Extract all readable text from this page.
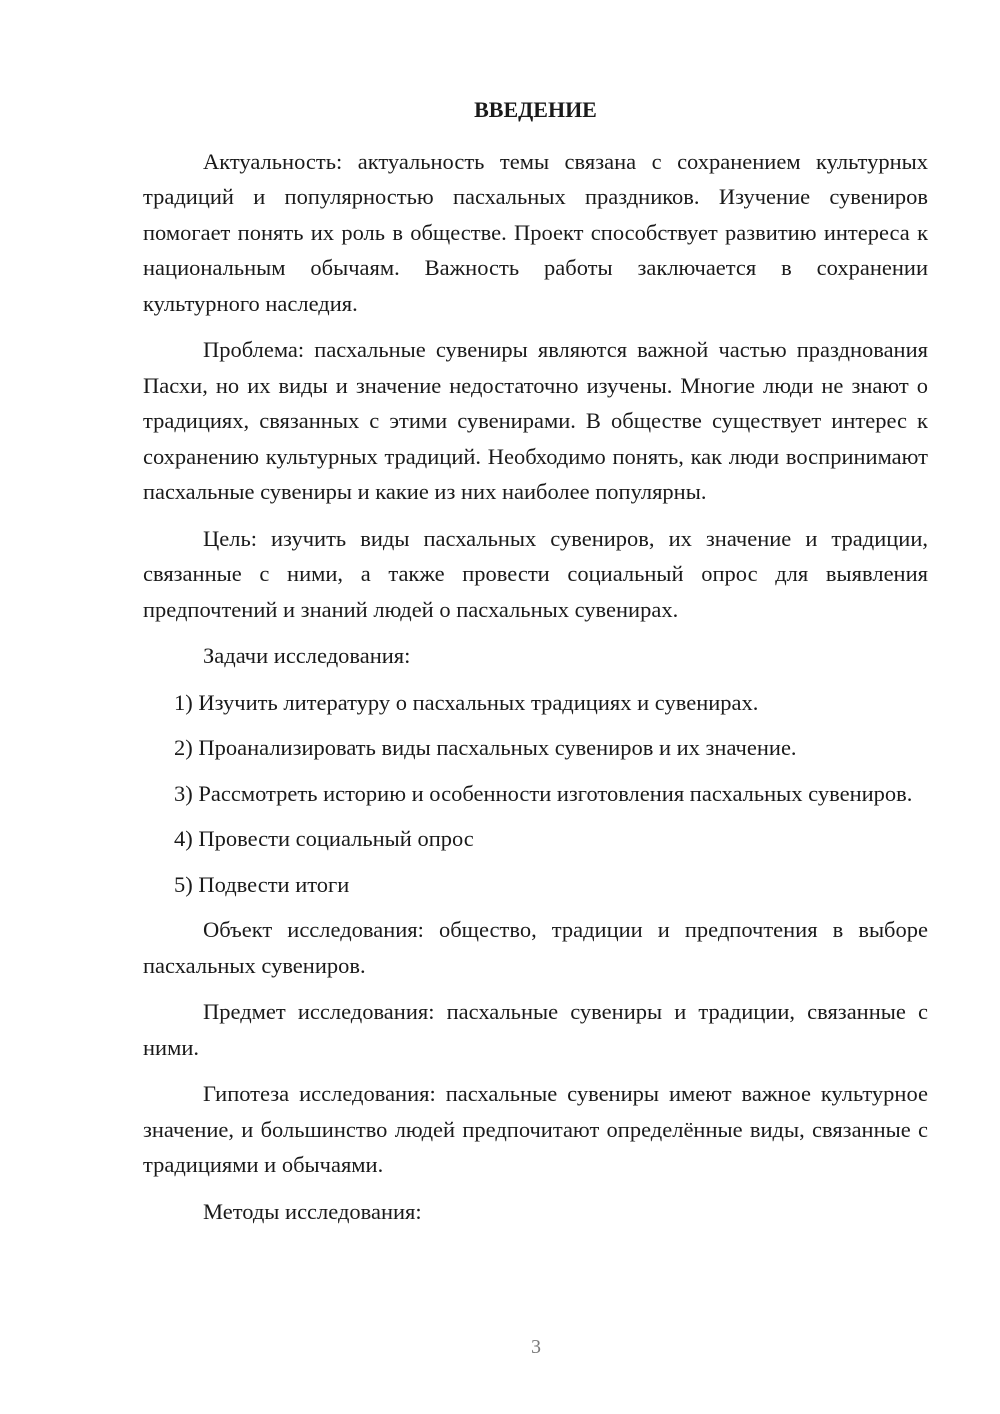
ВВЕДЕНИЕ

Актуальность: актуальность темы связана с сохранением культурных традиций и популярностью пасхальных праздников. Изучение сувениров помогает понять их роль в обществе. Проект способствует развитию интереса к национальным обычаям. Важность работы заключается в сохранении культурного наследия.

Проблема: пасхальные сувениры являются важной частью празднования Пасхи, но их виды и значение недостаточно изучены. Многие люди не знают о традициях, связанных с этими сувенирами. В обществе существует интерес к сохранению культурных традиций. Необходимо понять, как люди воспринимают пасхальные сувениры и какие из них наиболее популярны.

Цель: изучить виды пасхальных сувениров, их значение и традиции, связанные с ними, а также провести социальный опрос для выявления предпочтений и знаний людей о пасхальных сувенирах.

Задачи исследования:

1) Изучить литературу о пасхальных традициях и сувенирах.

2) Проанализировать виды пасхальных сувениров и их значение.

3) Рассмотреть историю и особенности изготовления пасхальных сувениров.

4) Провести социальный опрос

5) Подвести итоги

Объект исследования: общество, традиции и предпочтения в выборе пасхальных сувениров.

Предмет исследования: пасхальные сувениры и традиции, связанные с ними.

Гипотеза исследования: пасхальные сувениры имеют важное культурное значение, и большинство людей предпочитают определённые виды, связанные с традициями и обычаями.

Методы исследования:

3
